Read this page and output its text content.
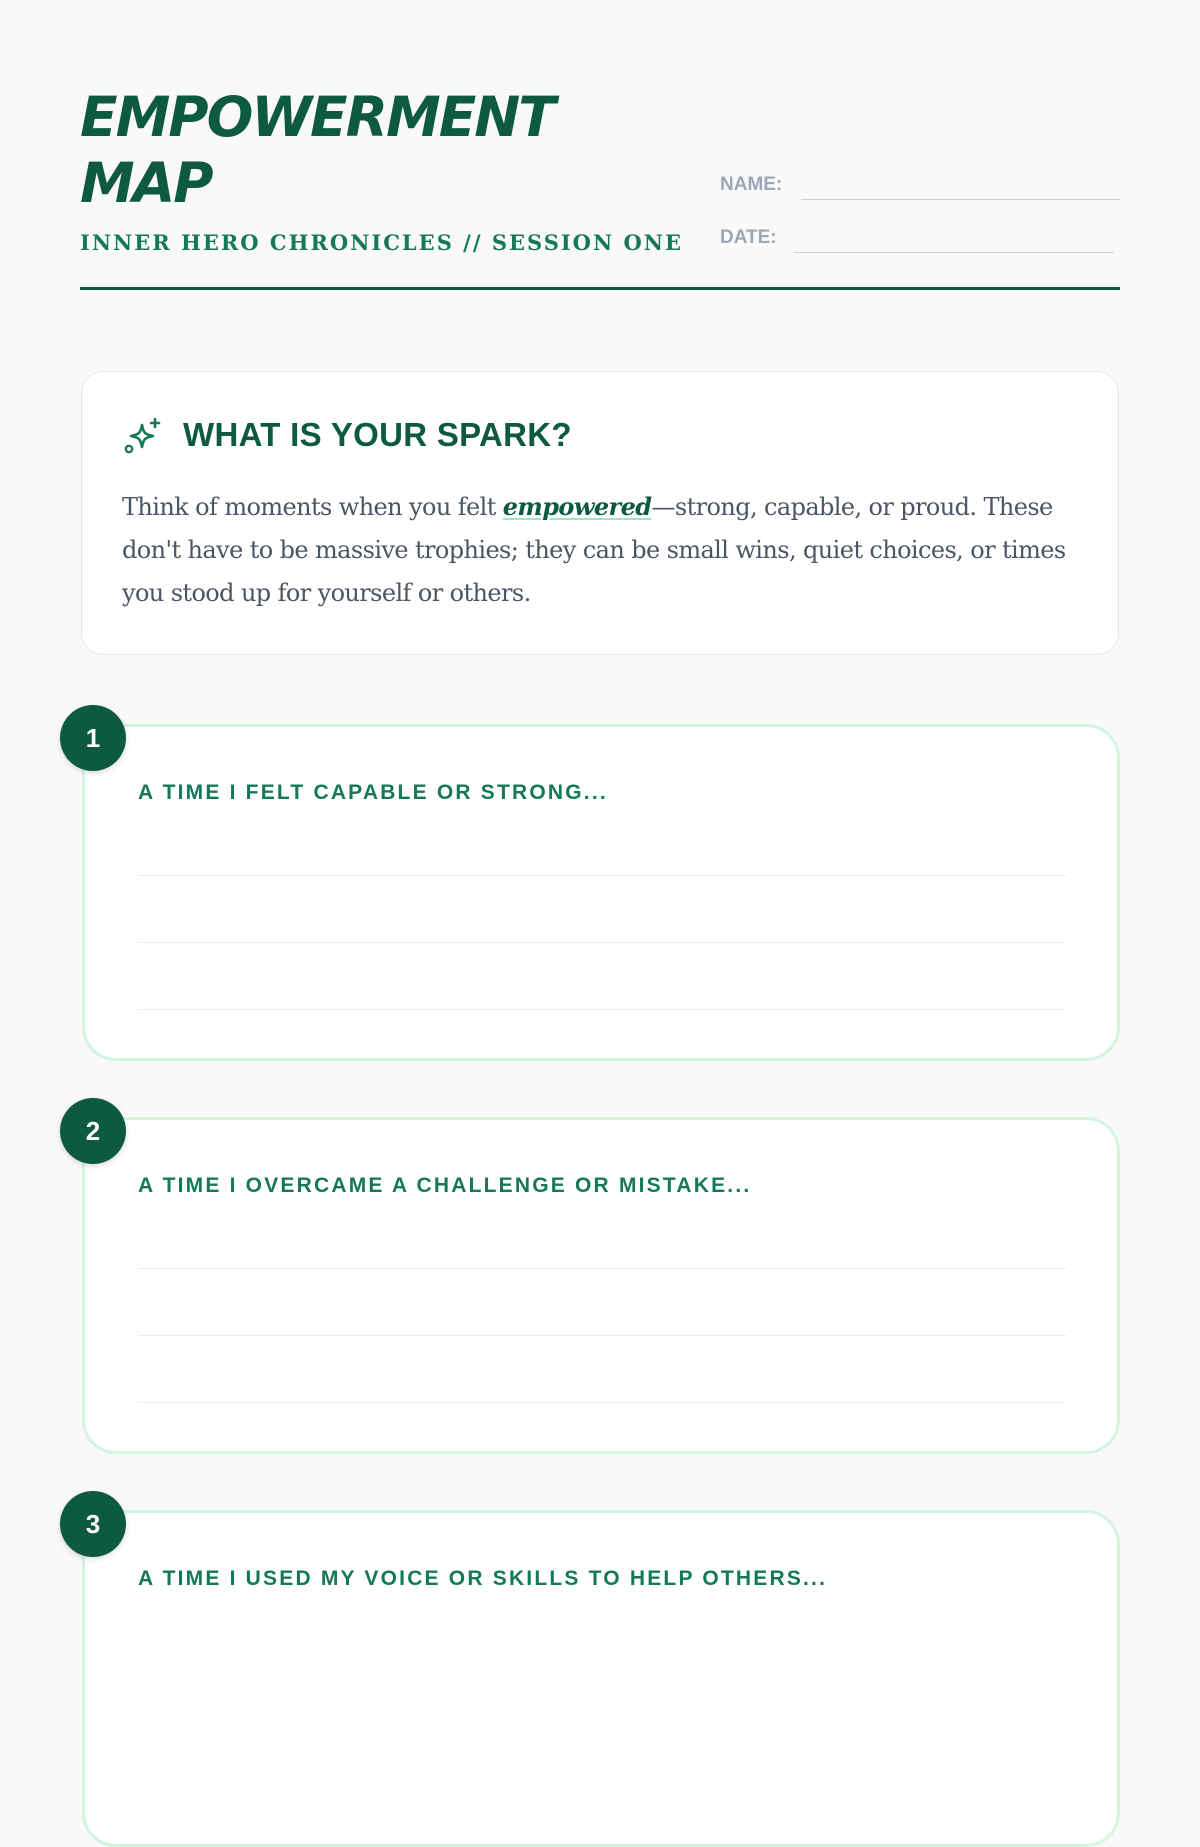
EMPOWERMENT
MAP
INNER HERO CHRONICLES // SESSION ONE
NAME:
DATE:
WHAT IS YOUR SPARK?

Think of moments when you felt empowered—strong, capable, or proud. These don't have to be massive trophies; they can be small wins, quiet choices, or times you stood up for yourself or others.

A TIME I FELT CAPABLE OR STRONG...
1
A TIME I OVERCAME A CHALLENGE OR MISTAKE...
2
A TIME I USED MY VOICE OR SKILLS TO HELP OTHERS...
3
